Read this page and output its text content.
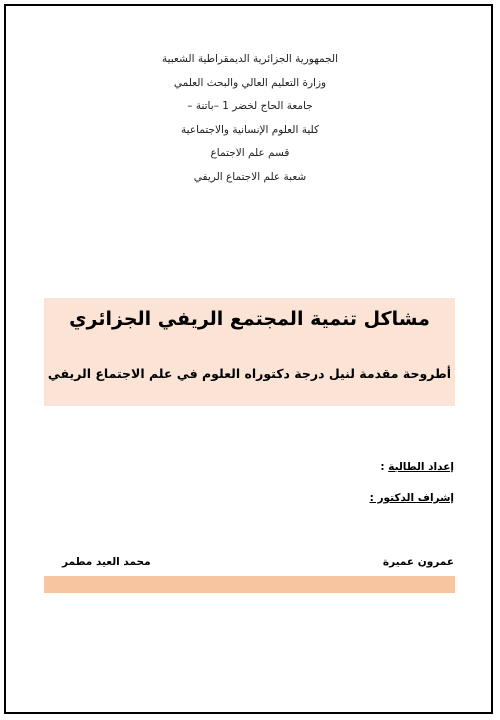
الجمهورية الجزائرية الديمقراطية الشعبية
وزارة التعليم العالي والبحث العلمي
جامعة الحاج لخضر 1 –باتنة –
كلية العلوم الإنسانية والاجتماعية
قسم علم الاجتماع
شعبة علم الاجتماع الريفي
مشاكل تنمية المجتمع الريفي الجزائري
أطروحة مقدمة لنيل درجة دكتوراه العلوم في علم الاجتماع الريفي
إعداد الطالبة :
إشراف الدكتور :
عمرون عميرة
محمد العيد مطمر
